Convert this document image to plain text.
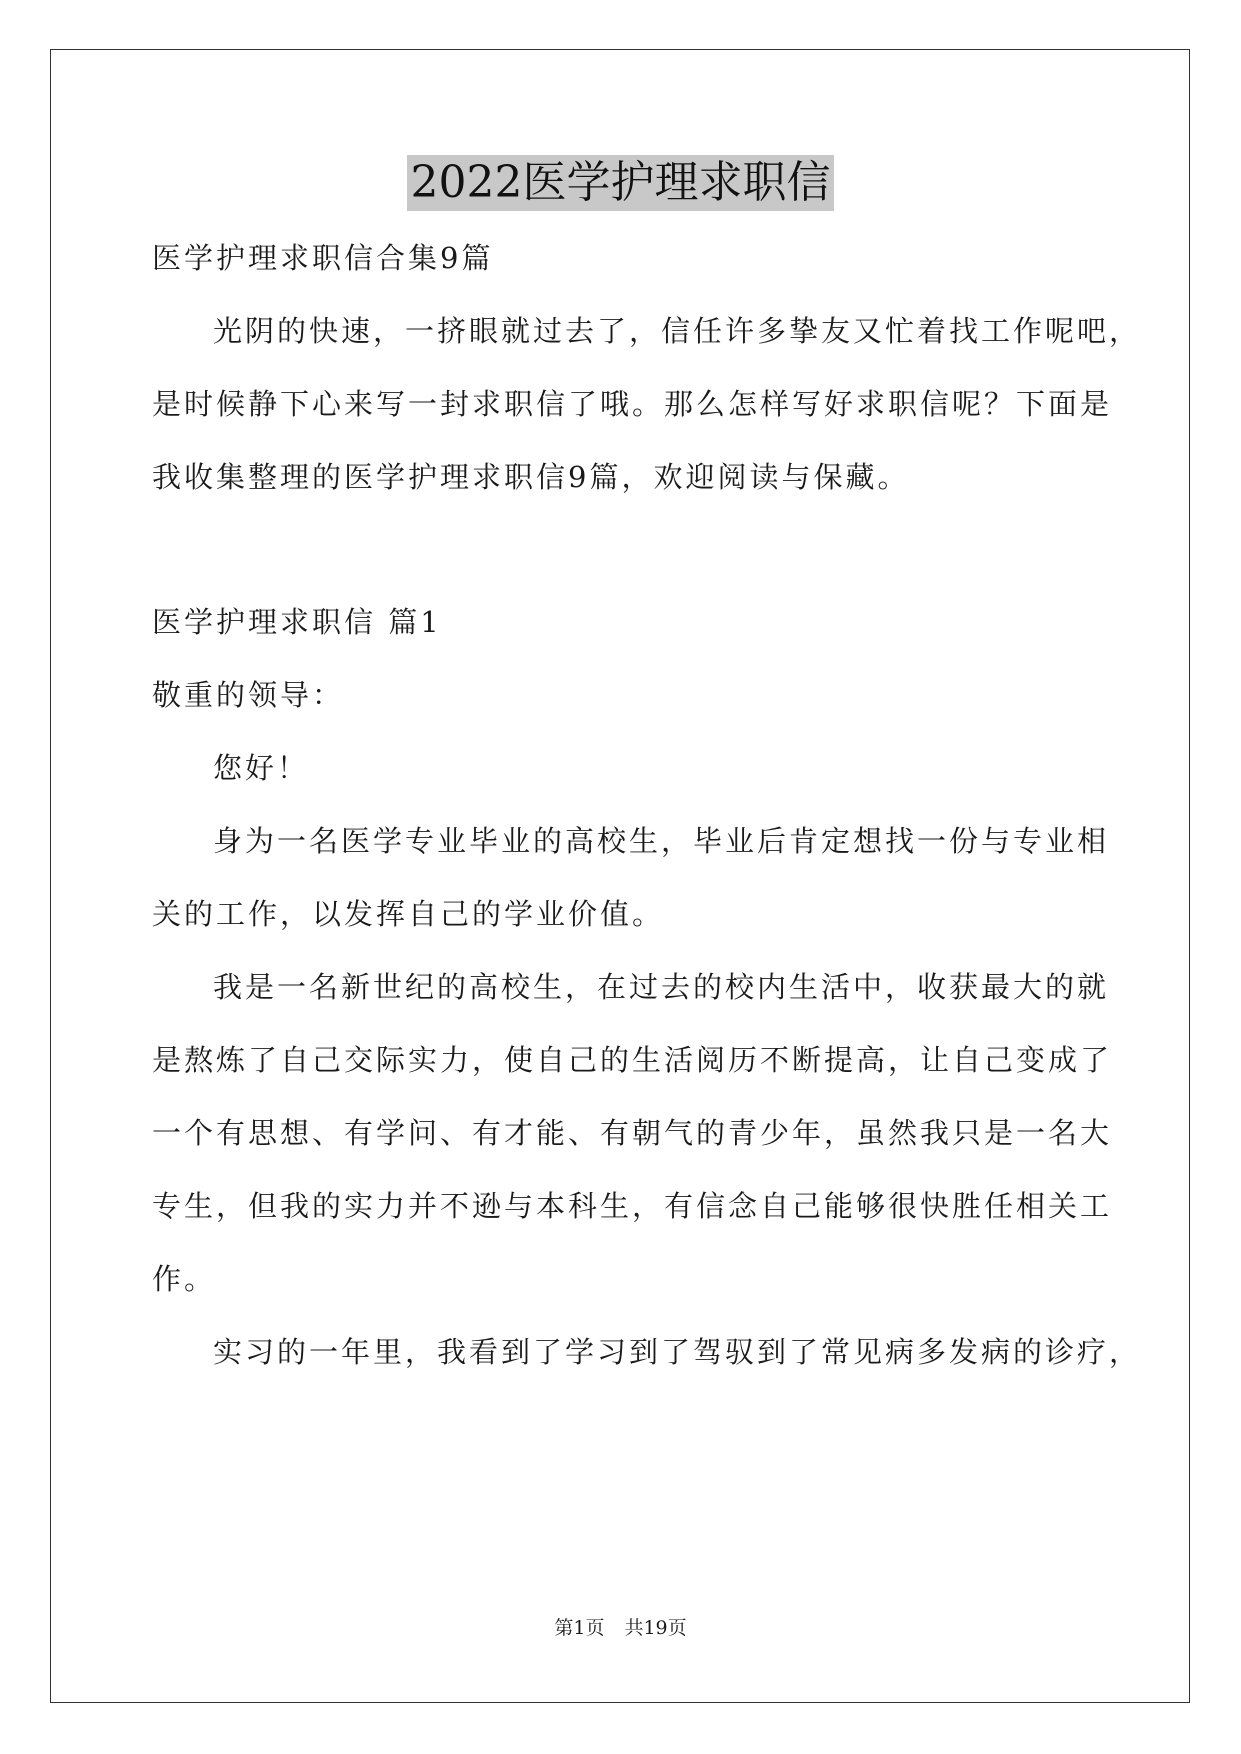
2022医学护理求职信
医学护理求职信合集9篇
光阴的快速，一挤眼就过去了，信任许多挚友又忙着找工作呢吧，
是时候静下心来写一封求职信了哦。那么怎样写好求职信呢？下面是
我收集整理的医学护理求职信9篇，欢迎阅读与保藏。
医学护理求职信 篇1
敬重的领导：
您好！
身为一名医学专业毕业的高校生，毕业后肯定想找一份与专业相
关的工作，以发挥自己的学业价值。
我是一名新世纪的高校生，在过去的校内生活中，收获最大的就
是熬炼了自己交际实力，使自己的生活阅历不断提高，让自己变成了
一个有思想、有学问、有才能、有朝气的青少年，虽然我只是一名大
专生，但我的实力并不逊与本科生，有信念自己能够很快胜任相关工
作。
实习的一年里，我看到了学习到了驾驭到了常见病多发病的诊疗，
第1页 共19页
